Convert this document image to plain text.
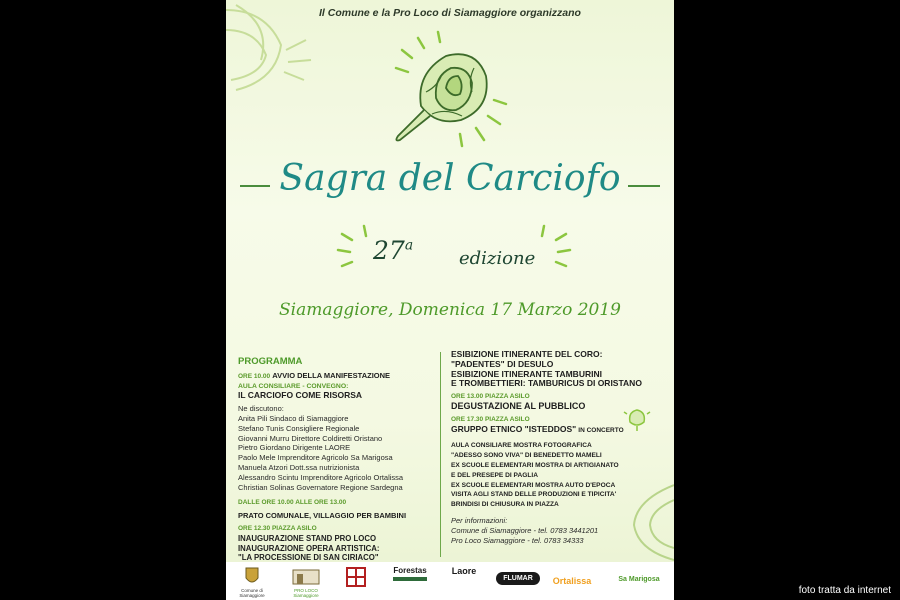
Il Comune e la Pro Loco di Siamaggiore organizzano
Sagra del Carciofo
27$^a$
edizione
Siamaggiore, Domenica 17 Marzo 2019
PROGRAMMA
ORE 10.00 AVVIO DELLA MANIFESTAZIONE
AULA CONSILIARE - CONVEGNO:
IL CARCIOFO COME RISORSA
Ne discutono:
Anita Pili Sindaco di Siamaggiore
Stefano Tunis Consigliere Regionale
Giovanni Murru Direttore Coldiretti Oristano
Pietro Giordano Dirigente LAORE
Paolo Mele Imprenditore Agricolo Sa Marigosa
Manuela Atzori Dott.ssa nutrizionista
Alessandro Scintu Imprenditore Agricolo Ortalissa
Christian Solinas Governatore Regione Sardegna
DALLE ORE 10.00 ALLE ORE 13.00
PRATO COMUNALE, VILLAGGIO PER BAMBINI
ORE 12.30 PIAZZA ASILO
INAUGURAZIONE STAND PRO LOCO
INAUGURAZIONE OPERA ARTISTICA:
"LA PROCESSIONE DI SAN CIRIACO"
ESIBIZIONE ITINERANTE DEL CORO:
"PADENTES" DI DESULO
ESIBIZIONE ITINERANTE TAMBURINI
E TROMBETTIERI: TAMBURICUS DI ORISTANO
ORE 13.00 PIAZZA ASILO
DEGUSTAZIONE AL PUBBLICO
ORE 17.30 PIAZZA ASILO
GRUPPO ETNICO "ISTEDDOS" IN CONCERTO
AULA CONSILIARE MOSTRA FOTOGRAFICA
"ADESSO SONO VIVA" DI BENEDETTO MAMELI
EX SCUOLE ELEMENTARI MOSTRA DI ARTIGIANATO
E DEL PRESEPE DI PAGLIA
EX SCUOLE ELEMENTARI MOSTRA AUTO D'EPOCA
VISITA AGLI STAND DELLE PRODUZIONI E TIPICITA'
BRINDISI DI CHIUSURA IN PIAZZA
Per informazioni:
Comune di Siamaggiore - tel. 0783 3441201
Pro Loco Siamaggiore - tel. 0783 34333
Comune di Siamaggiore
PRO LOCO Siamaggiore
Forestas	Laore
FLUMAR	Ortalissa	Sa Marigosa
foto tratta da internet
